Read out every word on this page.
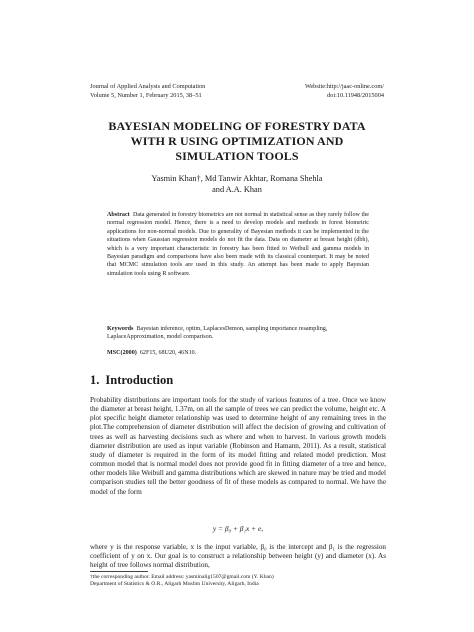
Journal of Applied Analysis and Computation
Volume 5, Number 1, February 2015, 38–51
Website:http://jaac-online.com/
doi:10.11948/2015004
BAYESIAN MODELING OF FORESTRY DATA
WITH R USING OPTIMIZATION AND
SIMULATION TOOLS
Yasmin Khan†, Md Tanwir Akhtar, Romana Shehla
and A.A. Khan
Abstract Data generated in forestry biometrics are not normal in statistical sense as they rarely follow the normal regression model. Hence, there is a need to develop models and methods in forest biometric applications for non-normal models. Due to generality of Bayesian methods it can be implemented in the situations when Gaussian regression models do not fit the data. Data on diameter at breast height (dbh), which is a very important characteristic in forestry has been fitted to Weibull and gamma models in Bayesian paradigm and comparisons have also been made with its classical counterpart. It may be noted that MCMC simulation tools are used in this study. An attempt has been made to apply Bayesian simulation tools using R software.
Keywords Bayesian inference, optim, LaplacesDemon, sampling importance resampling, LaplaceApproximation, model comparison.
MSC(2000) 62F15, 68U20, 46N10.
1. Introduction
Probability distributions are important tools for the study of various features of a tree. Once we know the diameter at breast height, 1.37m, on all the sample of trees we can predict the volume, height etc. A plot specific height diameter relationship was used to determine height of any remaining trees in the plot.The comprehension of diameter distribution will affect the decision of growing and cultivation of trees as well as harvesting decisions such as where and when to harvest. In various growth models diameter distribution are used as input variable (Robinson and Hamann, 2011). As a result, statistical study of diameter is required in the form of its model fitting and related model prediction. Most common model that is normal model does not provide good fit in fitting diameter of a tree and hence, other models like Weibull and gamma distributions which are skewed in nature may be tried and model comparison studies tell the better goodness of fit of these models as compared to normal. We have the model of the form
y = β₀ + β₁x + e,
where y is the response variable, x is the input variable, β₀ is the intercept and β₁ is the regression coefficient of y on x. Our goal is to construct a relationship between height (y) and diameter (x). As height of tree follows normal distribution,
†the corresponding author. Email address: yasminalig1507@gmail.com (Y. Khan)
Department of Statistics & O.R., Aligarh Muslim University, Aligarh, India
